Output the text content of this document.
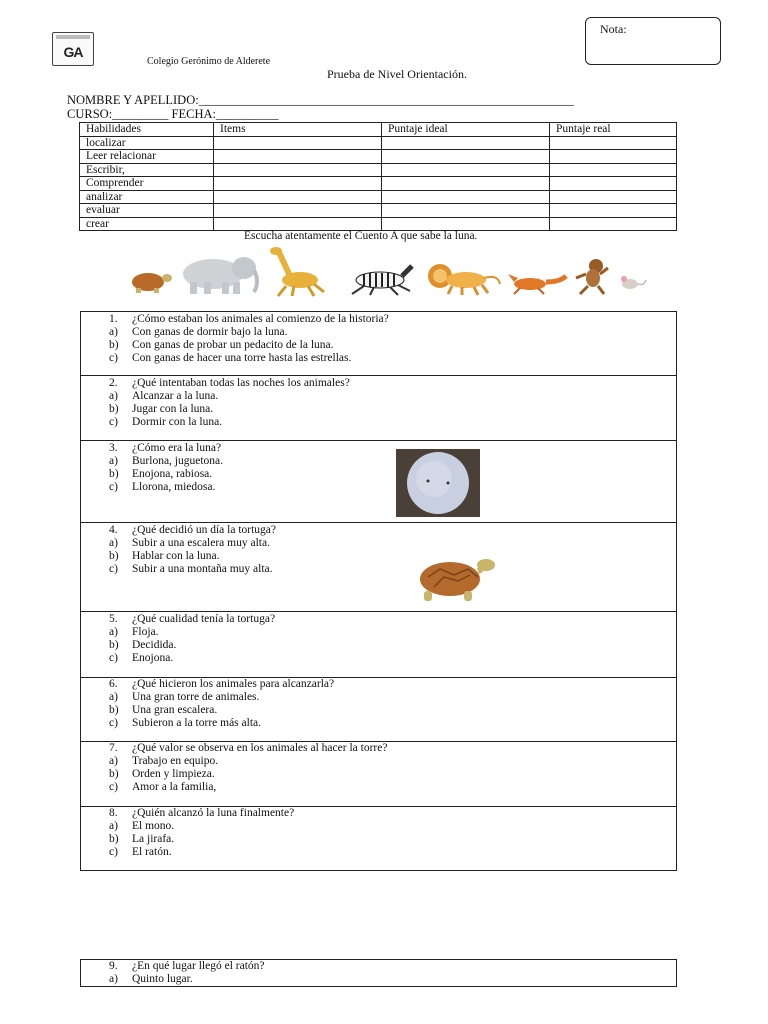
GA
Colegio Gerónimo de Alderete
Prueba de Nivel Orientación.
Nota:
NOMBRE Y APELLIDO:____________________________________________________________
CURSO:_________ FECHA:__________
Habilidades	Items	Puntaje ideal	Puntaje real
localizar			
Leer relacionar			
Escribir,			
Comprender			
analizar			
evaluar			
crear			
Escucha atentamente el Cuento A que sabe la luna.
1. ¿Cómo estaban los animales al comienzo de la historia?
a) Con ganas de dormir bajo la luna.
b) Con ganas de probar un pedacito de la luna.
c) Con ganas de hacer una torre hasta las estrellas.
2. ¿Qué intentaban todas las noches los animales?
a) Alcanzar a la luna.
b) Jugar con la luna.
c) Dormir con la luna.
3. ¿Cómo era la luna?
a) Burlona, juguetona.
b) Enojona, rabiosa.
c) Llorona, miedosa.
4. ¿Qué decidió un día la tortuga?
a) Subir a una escalera muy alta.
b) Hablar con la luna.
c) Subir a una montaña muy alta.
5. ¿Qué cualidad tenía la tortuga?
a) Floja.
b) Decidida.
c) Enojona.
6. ¿Qué hicieron los animales para alcanzarla?
a) Una gran torre de animales.
b) Una gran escalera.
c) Subieron a la torre más alta.
7. ¿Qué valor se observa en los animales al hacer la torre?
a) Trabajo en equipo.
b) Orden y limpieza.
c) Amor a la familia,
8. ¿Quién alcanzó la luna finalmente?
a) El mono.
b) La jirafa.
c) El ratón.
9. ¿En qué lugar llegó el ratón?
a) Quinto lugar.
